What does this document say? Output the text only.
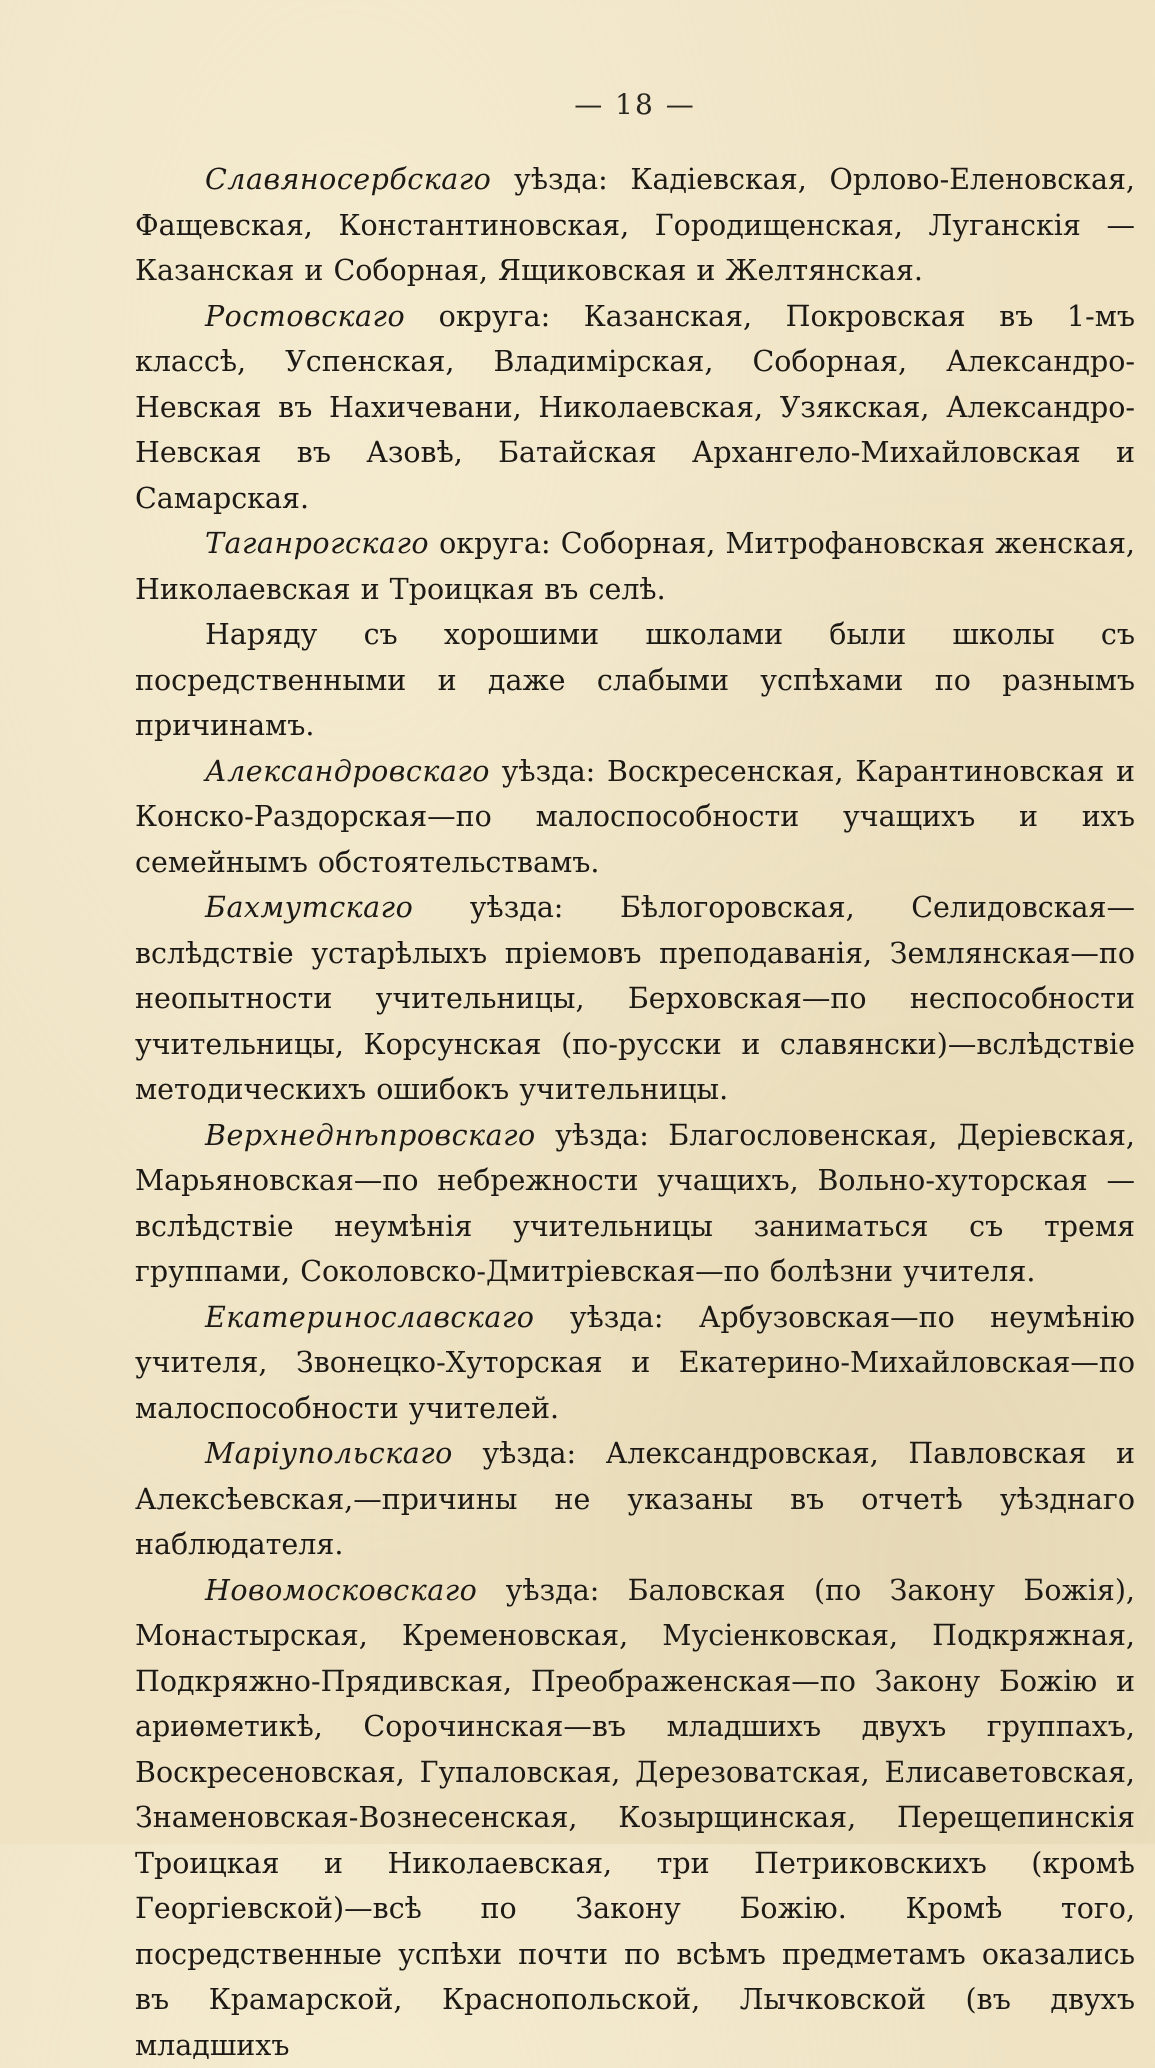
— 18 —

Славяносербскаго уѣзда: Кадіевская, Орлово-Еленовская, Фащевская, Константиновская, Городищенская, Луганскія —Казанская и Соборная, Ящиковская и Желтянская.

Ростовскаго округа: Казанская, Покровская въ 1-мъ классѣ, Успенская, Владимірская, Соборная, Александро-Невская въ Нахичевани, Николаевская, Узякская, Александро-Невская въ Азовѣ, Батайская Архангело-Михайловская и Самарская.

Таганрогскаго округа: Соборная, Митрофановская женская, Николаевская и Троицкая въ селѣ.

Наряду съ хорошими школами были школы съ посредственными и даже слабыми успѣхами по разнымъ причинамъ.

Александровскаго уѣзда: Воскресенская, Карантиновская и Конско-Раздорская—по малоспособности учащихъ и ихъ семейнымъ обстоятельствамъ.

Бахмутскаго уѣзда: Бѣлогоровская, Селидовская—вслѣдствіе устарѣлыхъ пріемовъ преподаванія, Землянская—по неопытности учительницы, Берховская—по неспособности учительницы, Корсунская (по-русски и славянски)—вслѣдствіе методическихъ ошибокъ учительницы.

Верхнеднѣпровскаго уѣзда: Благословенская, Деріевская, Марьяновская—по небрежности учащихъ, Вольно-хуторская — вслѣдствіе неумѣнія учительницы заниматься съ тремя группами, Соколовско-Дмитріевская—по болѣзни учителя.

Екатеринославскаго уѣзда: Арбузовская—по неумѣнію учителя, Звонецко-Хуторская и Екатерино-Михайловская—по малоспособности учителей.

Маріупольскаго уѣзда: Александровская, Павловская и Алексѣевская,—причины не указаны въ отчетѣ уѣзднаго наблюдателя.

Новомосковскаго уѣзда: Баловская (по Закону Божія), Монастырская, Кременовская, Мусіенковская, Подкряжная, Подкряжно-Прядивская, Преображенская—по Закону Божію и ариѳметикѣ, Сорочинская—въ младшихъ двухъ группахъ, Воскресеновская, Гупаловская, Дерезоватская, Елисаветовская, Знаменовская-Вознесенская, Козырщинская, Перещепинскія Троицкая и Николаевская, три Петриковскихъ (кромѣ Георгіевской)—всѣ по Закону Божію. Кромѣ того, посредственные успѣхи почти по всѣмъ предметамъ оказались въ Крамарской, Краснопольской, Лычковской (въ двухъ младшихъ
